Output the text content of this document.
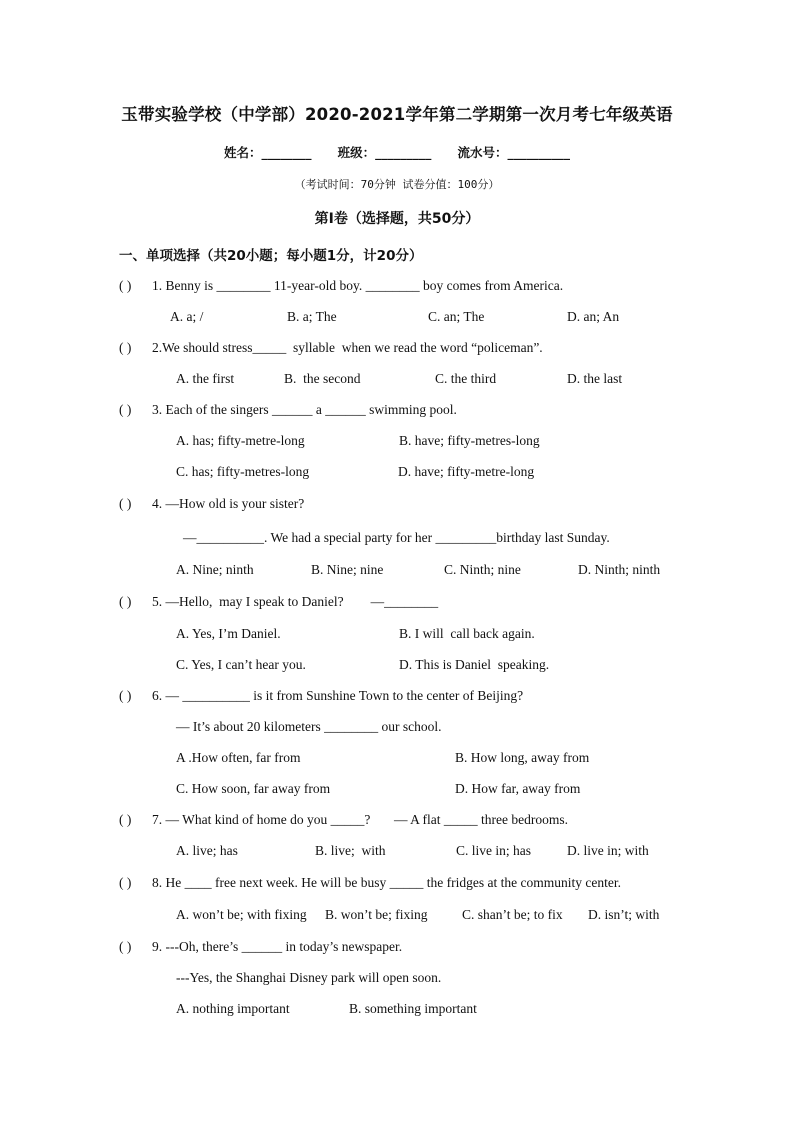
玉带实验学校（中学部）2020-2021学年第二学期第一次月考七年级英语
姓名：________ 班级：_________ 流水号：__________
（考试时间：70分钟 试卷分值：100分）
第Ⅰ卷（选择题，共50分）
一、单项选择（共20小题；每小题1分，计20分）
( ) 1. Benny is ________ 11-year-old boy. ________ boy comes from America.
A. a; /	B. a; The	C. an; The	D. an; An
( ) 2.We should stress_____  syllable  when we read the word “policeman”.
A. the first	B.  the second	C. the third	D. the last
( ) 3. Each of the singers ______ a ______ swimming pool.
A. has; fifty-metre-long	B. have; fifty-metres-long
C. has; fifty-metres-long	D. have; fifty-metre-long
( ) 4. —How old is your sister?
—__________. We had a special party for her _________birthday last Sunday.
A. Nine; ninth	B. Nine; nine	C. Ninth; nine	D. Ninth; ninth
( ) 5. —Hello,  may I speak to Daniel?        —________
A. Yes, I’m Daniel.	B. I will  call back again.
C. Yes, I can’t hear you.	D. This is Daniel  speaking.
( ) 6. — __________ is it from Sunshine Town to the center of Beijing?
— It’s about 20 kilometers ________ our school.
A .How often, far from	B. How long, away from
C. How soon, far away from	D. How far, away from
( ) 7. — What kind of home do you _____?       — A flat _____ three bedrooms.
A. live; has	B. live;  with	C. live in; has	D. live in; with
( ) 8. He ____ free next week. He will be busy _____ the fridges at the community center.
A. won’t be; with fixing B. won’t be; fixing	C. shan’t be; to fix D. isn’t; with
( ) 9. ---Oh, there’s ______ in today’s newspaper.
---Yes, the Shanghai Disney park will open soon.
A. nothing important	B. something important
